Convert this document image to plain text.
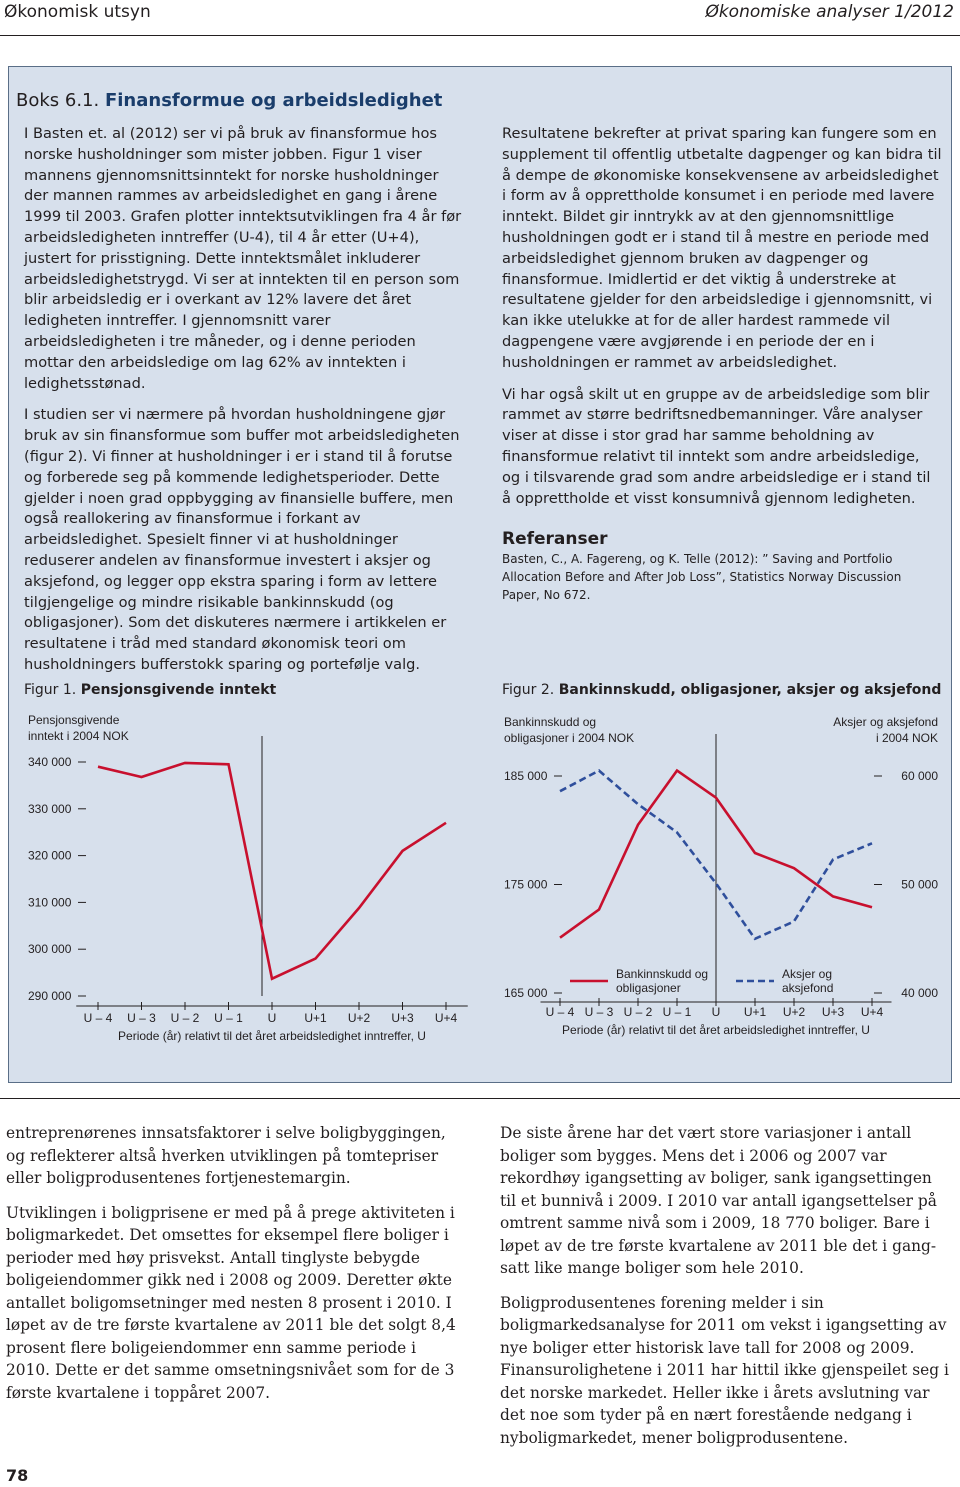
Økonomisk utsyn	Økonomiske analyser 1/2012
Boks 6.1. Finansformue og arbeidsledighet

I Basten et. al (2012) ser vi på bruk av finansformue hos norske husholdninger som mister jobben. Figur 1 viser mannens gjennomsnittsinntekt for norske husholdninger der mannen rammes av arbeidsledighet en gang i årene 1999 til 2003. Grafen plotter inntektsutviklingen fra 4 år før arbeidsledigheten inntreffer (U-4), til 4 år etter (U+4), justert for prisstigning. Dette inntektsmålet inkluderer arbeidsledighetstrygd. Vi ser at inntekten til en person som blir arbeidsledig er i overkant av 12% lavere det året ledigheten inntreffer. I gjennomsnitt varer arbeidsledigheten i tre måneder, og i denne perioden mottar den arbeidsledige om lag 62% av inntekten i ledighetsstønad.

I studien ser vi nærmere på hvordan husholdningene gjør bruk av sin finansformue som buffer mot arbeidsledigheten (figur 2). Vi finner at husholdninger i er i stand til å forutse og forberede seg på kommende ledighetsperioder. Dette gjelder i noen grad oppbygging av finansielle buffere, men også reallokering av finansformue i forkant av arbeidsledighet. Spesielt finner vi at husholdninger reduserer andelen av finansformue investert i aksjer og aksjefond, og legger opp ekstra sparing i form av lettere tilgjengelige og mindre risikable bankinnskudd (og obligasjoner). Som det diskuteres nærmere i artikkelen er resultatene i tråd med standard økonomisk teori om husholdningers bufferstokk sparing og portefølje valg.

Resultatene bekrefter at privat sparing kan fungere som en supplement til offentlig utbetalte dagpenger og kan bidra til å dempe de økonomiske konsekvensene av arbeidsledighet i form av å opprettholde konsumet i en periode med lavere inntekt. Bildet gir inntrykk av at den gjennomsnittlige husholdningen godt er i stand til å mestre en periode med arbeidsledighet gjennom bruken av dagpenger og finansformue. Imidlertid er det viktig å understreke at resultatene gjelder for den arbeidsledige i gjennomsnitt, vi kan ikke utelukke at for de aller hardest rammede vil dagpengene være avgjørende i en periode der en i husholdningen er rammet av arbeidsledighet.

Vi har også skilt ut en gruppe av de arbeidsledige som blir rammet av større bedriftsnedbemanninger. Våre analyser viser at disse i stor grad har samme beholdning av finansformue relativt til inntekt som andre arbeidsledige, og i tilsvarende grad som andre arbeidsledige er i stand til å opprettholde et visst konsumnivå gjennom ledigheten.

Referanser
Basten, C., A. Fagereng, og K. Telle (2012): ” Saving and Portfolio Allocation Before and After Job Loss”, Statistics Norway Discussion Paper, No 672.
Figur 1. Pensjonsgivende inntekt	Figur 2. Bankinnskudd, obligasjoner, aksjer og aksjefond
Pensjonsgivende
inntekt i 2004 NOK
290 000
300 000
310 000
320 000
330 000
340 000
U – 4 U – 3 U – 2 U – 1 U U+1 U+2 U+3 U+4
Periode (år) relativt til det året arbeidsledighet inntreffer, U
Bankinnskudd og
obligasjoner i 2004 NOK
Aksjer og aksjefond
i 2004 NOK
165 000
175 000
185 000
40 000
50 000
60 000
U – 4 U – 3 U – 2 U – 1 U U+1 U+2 U+3 U+4
Periode (år) relativt til det året arbeidsledighet inntreffer, U
Bankinnskudd og
obligasjoner
Aksjer og
aksjefond

entreprenørenes innsatsfaktorer i selve boligbyggingen, og reflekterer altså hverken utviklingen på tomtepriser eller boligprodusentenes fortjenestemargin.

Utviklingen i boligprisene er med på å prege aktiviteten i boligmarkedet. Det omsettes for eksempel flere boliger i perioder med høy prisvekst. Antall tinglyste bebygde boligeiendommer gikk ned i 2008 og 2009. Deretter økte antallet boligomsetninger med nesten 8 prosent i 2010. I løpet av de tre første kvartalene av 2011 ble det solgt 8,4 prosent flere boligeiendommer enn samme periode i 2010. Dette er det samme omsetningsnivået som for de 3 første kvartalene i toppåret 2007.

De siste årene har det vært store variasjoner i antall boliger som bygges. Mens det i 2006 og 2007 var rekordhøy igangsetting av boliger, sank igangsettingen til et bunnivå i 2009. I 2010 var antall igangsettelser på omtrent samme nivå som i 2009, 18 770 boliger. Bare i løpet av de tre første kvartalene av 2011 ble det i gang-satt like mange boliger som hele 2010.

Boligprodusentenes forening melder i sin boligmarkedsanalyse for 2011 om vekst i igangsetting av nye boliger etter historisk lave tall for 2008 og 2009. Finansurolighetene i 2011 har hittil ikke gjenspeilet seg i det norske markedet. Heller ikke i årets avslutning var det noe som tyder på en nært forestående nedgang i nyboligmarkedet, mener boligprodusentene.

78
